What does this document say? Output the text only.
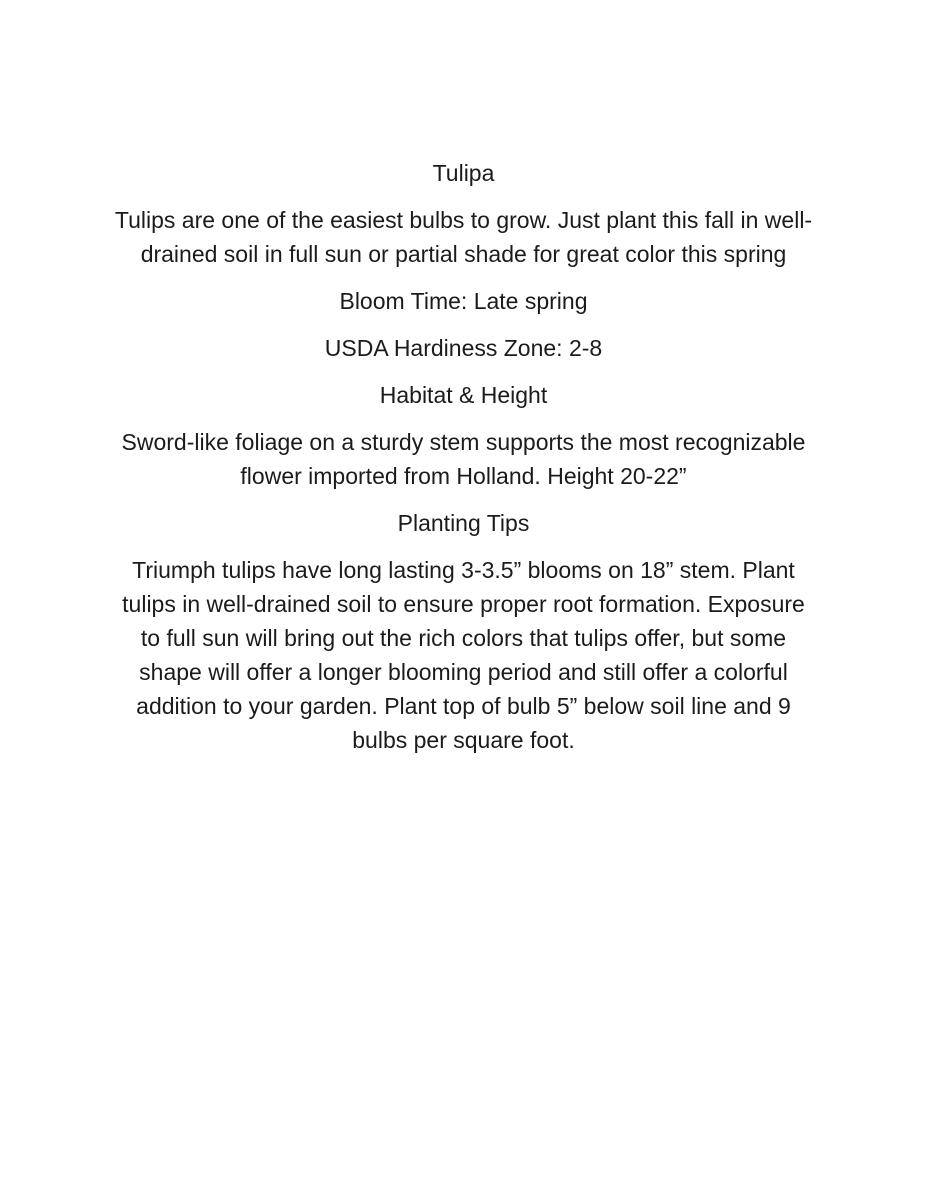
Tulipa

Tulips are one of the easiest bulbs to grow. Just plant this fall in well-drained soil in full sun or partial shade for great color this spring

Bloom Time: Late spring

USDA Hardiness Zone: 2-8

Habitat & Height

Sword-like foliage on a sturdy stem supports the most recognizable flower imported from Holland. Height 20-22”

Planting Tips

Triumph tulips have long lasting 3-3.5” blooms on 18” stem. Plant tulips in well-drained soil to ensure proper root formation. Exposure to full sun will bring out the rich colors that tulips offer, but some shape will offer a longer blooming period and still offer a colorful addition to your garden. Plant top of bulb 5” below soil line and 9 bulbs per square foot.
